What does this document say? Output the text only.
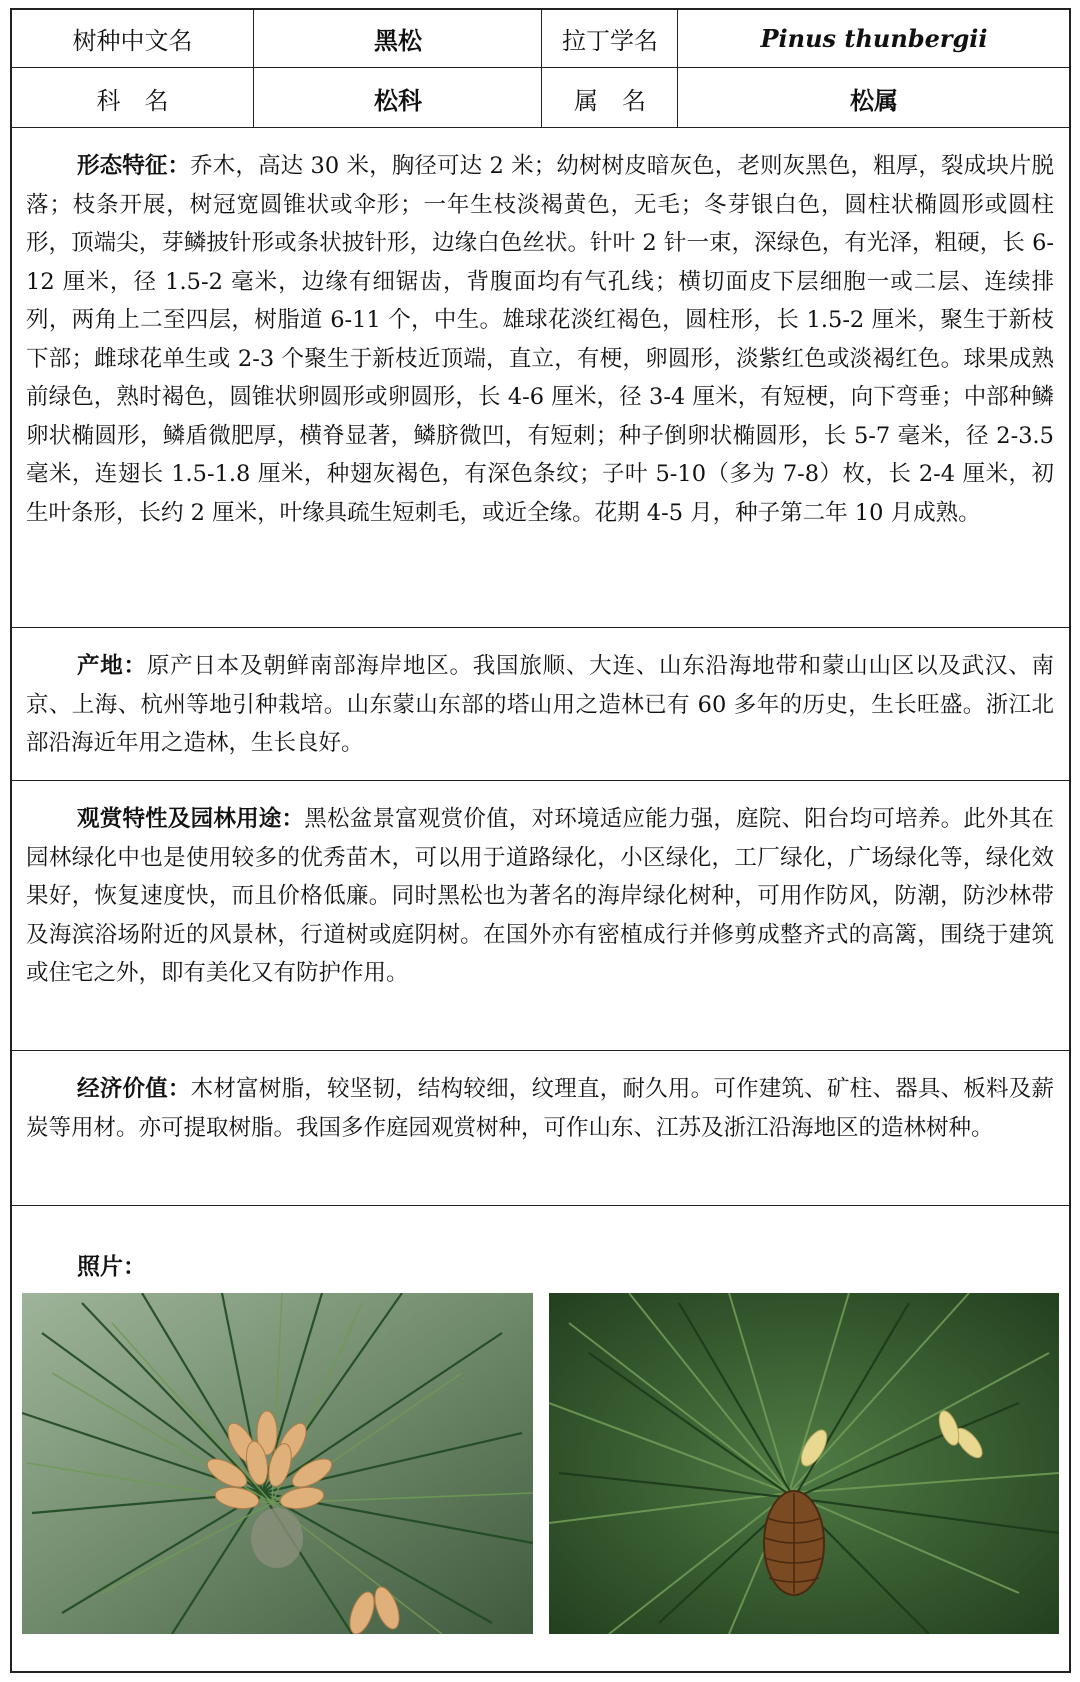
树种中文名	黑松	拉丁学名	Pinus thunbergii
科　名	松科	属　名	松属

形态特征：乔木，高达 30 米，胸径可达 2 米；幼树树皮暗灰色，老则灰黑色，粗厚，裂成块片脱落；枝条开展，树冠宽圆锥状或伞形；一年生枝淡褐黄色，无毛；冬芽银白色，圆柱状椭圆形或圆柱形，顶端尖，芽鳞披针形或条状披针形，边缘白色丝状。针叶 2 针一束，深绿色，有光泽，粗硬，长 6-12 厘米，径 1.5-2 毫米，边缘有细锯齿，背腹面均有气孔线；横切面皮下层细胞一或二层、连续排列，两角上二至四层，树脂道 6-11 个，中生。雄球花淡红褐色，圆柱形，长 1.5-2 厘米，聚生于新枝下部；雌球花单生或 2-3 个聚生于新枝近顶端，直立，有梗，卵圆形，淡紫红色或淡褐红色。球果成熟前绿色，熟时褐色，圆锥状卵圆形或卵圆形，长 4-6 厘米，径 3-4 厘米，有短梗，向下弯垂；中部种鳞卵状椭圆形，鳞盾微肥厚，横脊显著，鳞脐微凹，有短刺；种子倒卵状椭圆形，长 5-7 毫米，径 2-3.5 毫米，连翅长 1.5-1.8 厘米，种翅灰褐色，有深色条纹；子叶 5-10（多为 7-8）枚，长 2-4 厘米，初生叶条形，长约 2 厘米，叶缘具疏生短刺毛，或近全缘。花期 4-5 月，种子第二年 10 月成熟。

产地：原产日本及朝鲜南部海岸地区。我国旅顺、大连、山东沿海地带和蒙山山区以及武汉、南京、上海、杭州等地引种栽培。山东蒙山东部的塔山用之造林已有 60 多年的历史，生长旺盛。浙江北部沿海近年用之造林，生长良好。

观赏特性及园林用途：黑松盆景富观赏价值，对环境适应能力强，庭院、阳台均可培养。此外其在园林绿化中也是使用较多的优秀苗木，可以用于道路绿化，小区绿化，工厂绿化，广场绿化等，绿化效果好，恢复速度快，而且价格低廉。同时黑松也为著名的海岸绿化树种，可用作防风，防潮，防沙林带及海滨浴场附近的风景林，行道树或庭阴树。在国外亦有密植成行并修剪成整齐式的高篱，围绕于建筑或住宅之外，即有美化又有防护作用。

经济价值：木材富树脂，较坚韧，结构较细，纹理直，耐久用。可作建筑、矿柱、器具、板料及薪炭等用材。亦可提取树脂。我国多作庭园观赏树种，可作山东、江苏及浙江沿海地区的造林树种。

照片：
